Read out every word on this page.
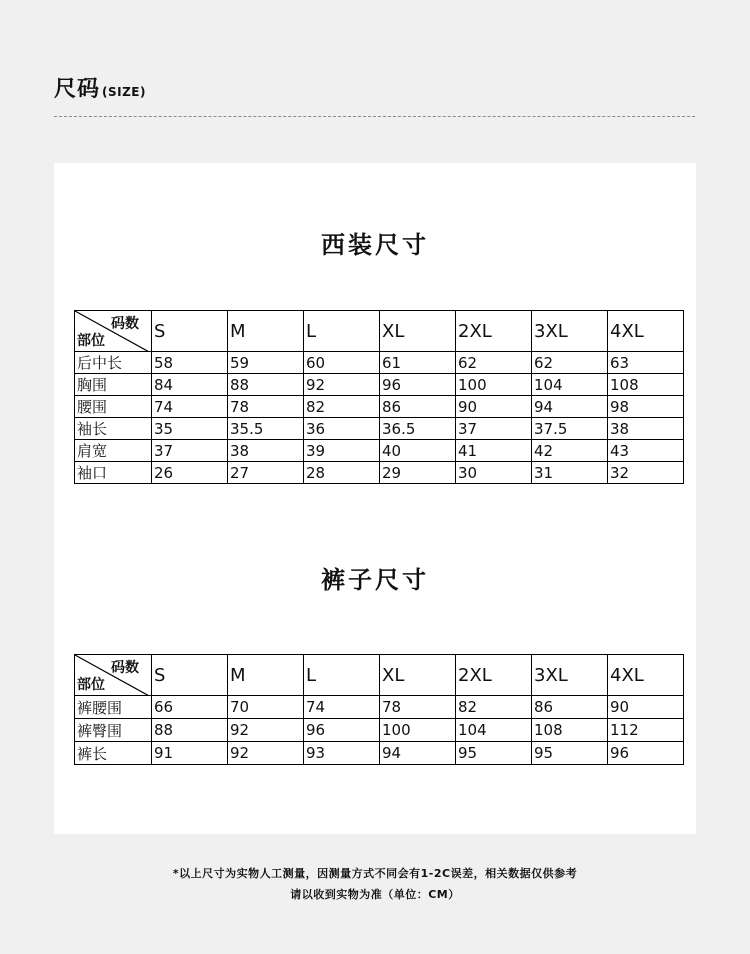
尺码 (SIZE)
西装尺寸
码数
部位	S	M	L	XL	2XL	3XL	4XL
后中长	58	59	60	61	62	62	63
胸围	84	88	92	96	100	104	108
腰围	74	78	82	86	90	94	98
袖长	35	35.5	36	36.5	37	37.5	38
肩宽	37	38	39	40	41	42	43
袖口	26	27	28	29	30	31	32
裤子尺寸
码数
部位	S	M	L	XL	2XL	3XL	4XL
裤腰围	66	70	74	78	82	86	90
裤臀围	88	92	96	100	104	108	112
裤长	91	92	93	94	95	95	96
*以上尺寸为实物人工测量，因测量方式不同会有1-2C误差，相关数据仅供参考
请以收到实物为准（单位：CM）
